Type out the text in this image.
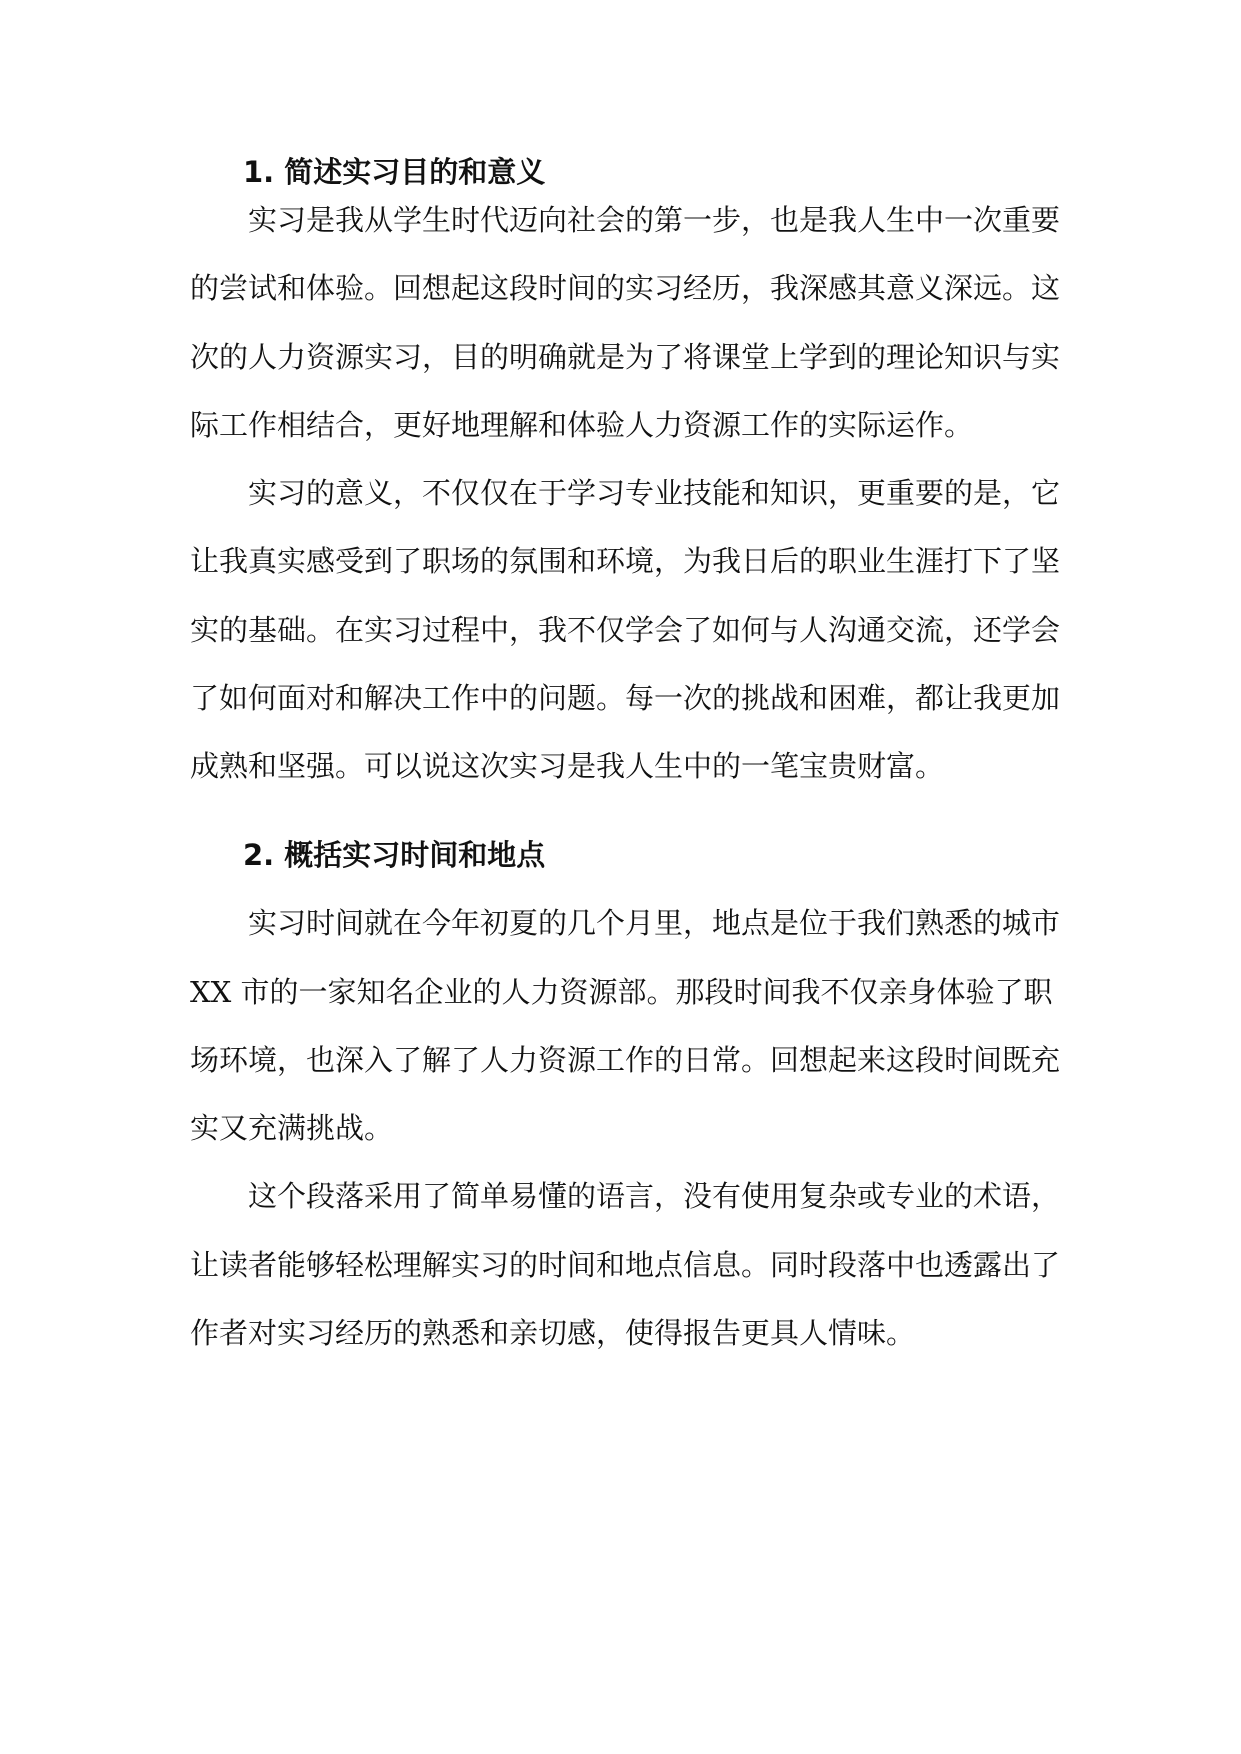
1. 简述实习目的和意义

实习是我从学生时代迈向社会的第一步，也是我人生中一次重要

的尝试和体验。回想起这段时间的实习经历，我深感其意义深远。这

次的人力资源实习，目的明确就是为了将课堂上学到的理论知识与实

际工作相结合，更好地理解和体验人力资源工作的实际运作。

实习的意义，不仅仅在于学习专业技能和知识，更重要的是，它

让我真实感受到了职场的氛围和环境，为我日后的职业生涯打下了坚

实的基础。在实习过程中，我不仅学会了如何与人沟通交流，还学会

了如何面对和解决工作中的问题。每一次的挑战和困难，都让我更加

成熟和坚强。可以说这次实习是我人生中的一笔宝贵财富。

2. 概括实习时间和地点

实习时间就在今年初夏的几个月里，地点是位于我们熟悉的城市

XX 市的一家知名企业的人力资源部。那段时间我不仅亲身体验了职

场环境，也深入了解了人力资源工作的日常。回想起来这段时间既充

实又充满挑战。

这个段落采用了简单易懂的语言，没有使用复杂或专业的术语，

让读者能够轻松理解实习的时间和地点信息。同时段落中也透露出了

作者对实习经历的熟悉和亲切感，使得报告更具人情味。
